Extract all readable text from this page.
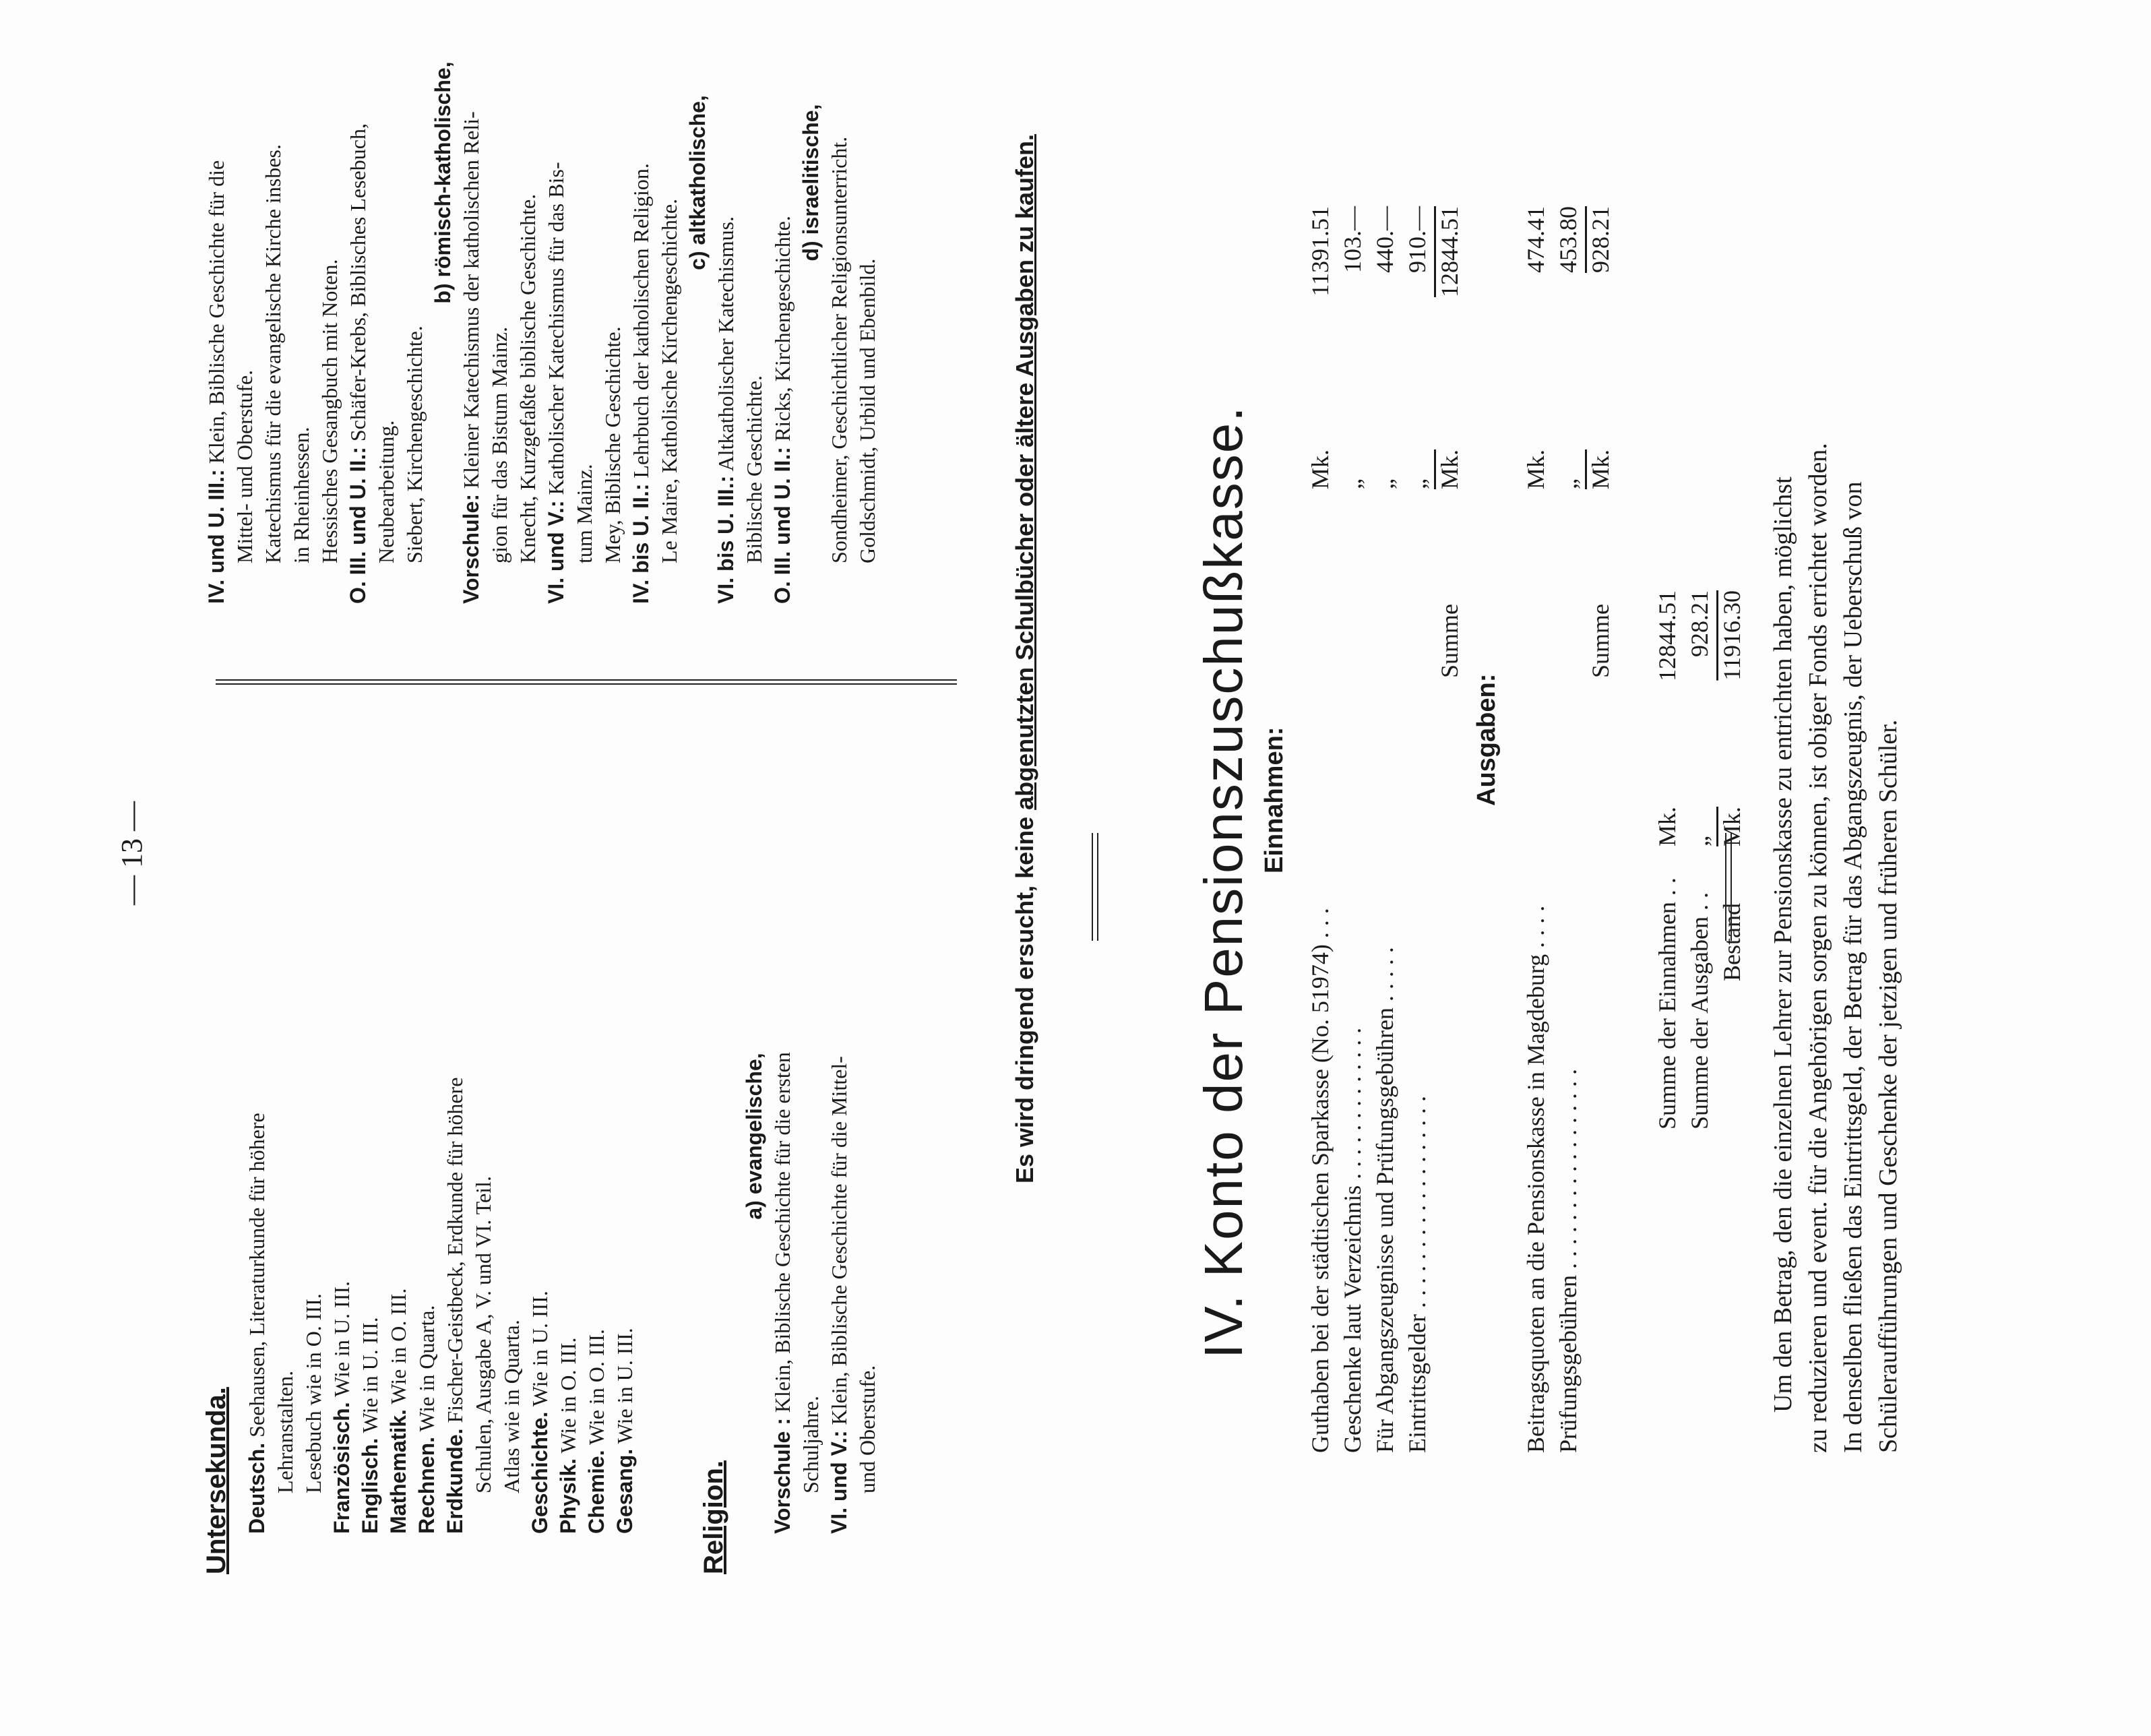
— 13 —
Untersekunda. Deutsch. Seehausen, Literaturkunde für höhere Lehranstalten. Lesebuch wie in O. III. Französisch. Wie in U. III.
Englisch. Wie in U. III.
Mathematik. Wie in O. III.
Rechnen. Wie in Quarta.
Erdkunde. Fischer-Geistbeck, Erdkunde für höhere Schulen, Ausgabe A, V. und VI. Teil. Atlas wie in Quarta. Geschichte. Wie in U. III.
Physik. Wie in O. III.
Chemie. Wie in O. III.
Gesang. Wie in U. III.
Religion.
a) evangelische,
Vorschule : Klein, Biblische Geschichte für die ersten
Schuljahre. VI. und V.: Klein, Biblische Geschichte für die Mittel- und Oberstufe.
IV. und U. III.: Klein, Biblische Geschichte für die Mittel- und Oberstufe. Katechismus für die evangelische Kirche insbes. in Rheinhessen. Hessisches Gesangbuch mit Noten. O. III. und U. II.: Schäfer-Krebs, Biblisches Lesebuch,
Neubearbeitung. Siebert, Kirchengeschichte.
b) römisch-katholische,
Vorschule: Kleiner Katechismus der katholischen Reli- gion für das Bistum Mainz. Knecht, Kurzgefaßte biblische Geschichte. VI. und V.: Katholischer Katechismus für das Bis-
tum Mainz. Mey, Biblische Geschichte. IV. bis U. II.: Lehrbuch der katholischen Religion. Le Maire, Katholische Kirchengeschichte.
c) altkatholische,
VI. bis U. III.: Altkatholischer Katechismus. Biblische Geschichte. O. III. und U. II.: Ricks, Kirchengeschichte.
d) israelitische, Sondheimer, Geschichtlicher Religionsunterricht. Goldschmidt, Urbild und Ebenbild.
Es wird dringend ersucht, keine abgenutzten Schulbücher oder ältere Ausgaben zu kaufen.	IV. Konto der Pensionszuschußkasse. Einnahmen:
Guthaben bei der städtischen Sparkasse (No. 51974) . . .
Mk.
11391.51
Geschenke laut Verzeichnis . . . . . . . . . . . . .
„
103.—
Für Abgangszeugnisse und Prüfungsgebühren . . . . .
„
440.—
Eintrittsgelder . . . . . . . . . . . . . . . . . .
„
910.—
Summe
Mk.
12844.51
Ausgaben:
Beitragsquoten an die Pensionskasse in Magdeburg . . . .
Mk.
474.41
Prüfungsgebühren . . . . . . . . . . . . . . . . .
„
453.80
Summe
Mk.
928.21
Summe der Einnahmen . .
Mk.
12844.51
Summe der Ausgaben . .
„
928.21
Bestand
Mk.
11916.30 Um den Betrag, den die einzelnen Lehrer zur Pensionskasse zu entrichten haben, möglichst zu reduzieren und event. für die Angehörigen sorgen zu können, ist obiger Fonds errichtet worden. In denselben fließen das Eintrittsgeld, der Betrag für das Abgangszeugnis, der Ueberschuß von Schüleraufführungen und Geschenke der jetzigen und früheren Schüler.
